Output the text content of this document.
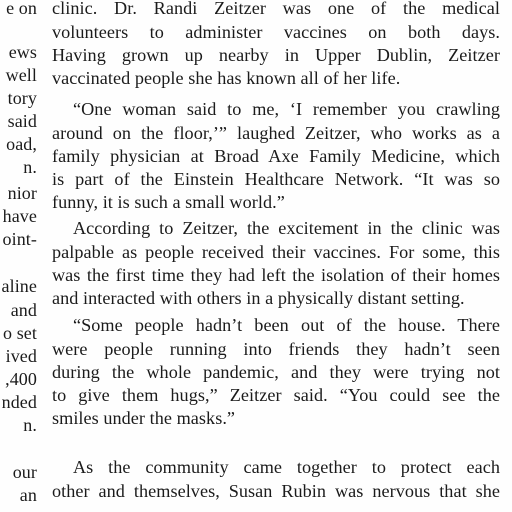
e on
ews
well
tory
said
oad,
n.
nior
have
oint-
aline
and
o set
ived
,400
nded
n.
our
an
clinic. Dr. Randi Zeitzer was one of the medical
volunteers to administer vaccines on both days.
Having grown up nearby in Upper Dublin, Zeitzer
vaccinated people she has known all of her life.
“One woman said to me, ‘I remember you crawling
around on the floor,’” laughed Zeitzer, who works as a
family physician at Broad Axe Family Medicine, which
is part of the Einstein Healthcare Network. “It was so
funny, it is such a small world.”
According to Zeitzer, the excitement in the clinic was
palpable as people received their vaccines. For some, this
was the first time they had left the isolation of their homes
and interacted with others in a physically distant setting.
“Some people hadn’t been out of the house. There
were people running into friends they hadn’t seen
during the whole pandemic, and they were trying not
to give them hugs,” Zeitzer said. “You could see the
smiles under the masks.”
As the community came together to protect each
other and themselves, Susan Rubin was nervous that she
